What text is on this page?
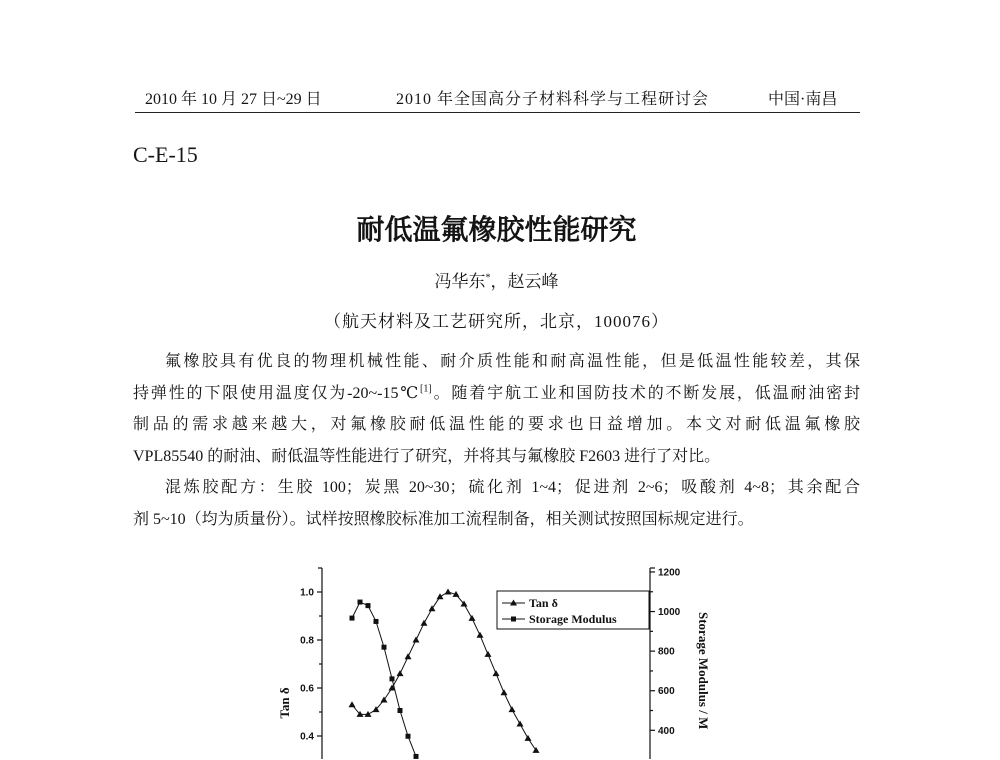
2010 年 10 月 27 日~29 日	2010 年全国高分子材料科学与工程研讨会	中国·南昌
C-E-15
耐低温氟橡胶性能研究
冯华东*，赵云峰
（航天材料及工艺研究所，北京，100076）
氟橡胶具有优良的物理机械性能、耐介质性能和耐高温性能，但是低温性能较差，其保
持弹性的下限使用温度仅为-20~-15℃[1]。随着宇航工业和国防技术的不断发展，低温耐油密封
制品的需求越来越大，对氟橡胶耐低温性能的要求也日益增加。本文对耐低温氟橡胶
VPL85540 的耐油、耐低温等性能进行了研究，并将其与氟橡胶 F2603 进行了对比。
混炼胶配方：生胶 100；炭黑 20~30；硫化剂 1~4；促进剂 2~6；吸酸剂 4~8；其余配合
剂 5~10（均为质量份）。试样按照橡胶标准加工流程制备，相关测试按照国标规定进行。
1.0
0.8
0.6
0.4
1200
1000
800
600
400
Tan δ
Storage Modulus
Tan δ	Storage Modulus / M
